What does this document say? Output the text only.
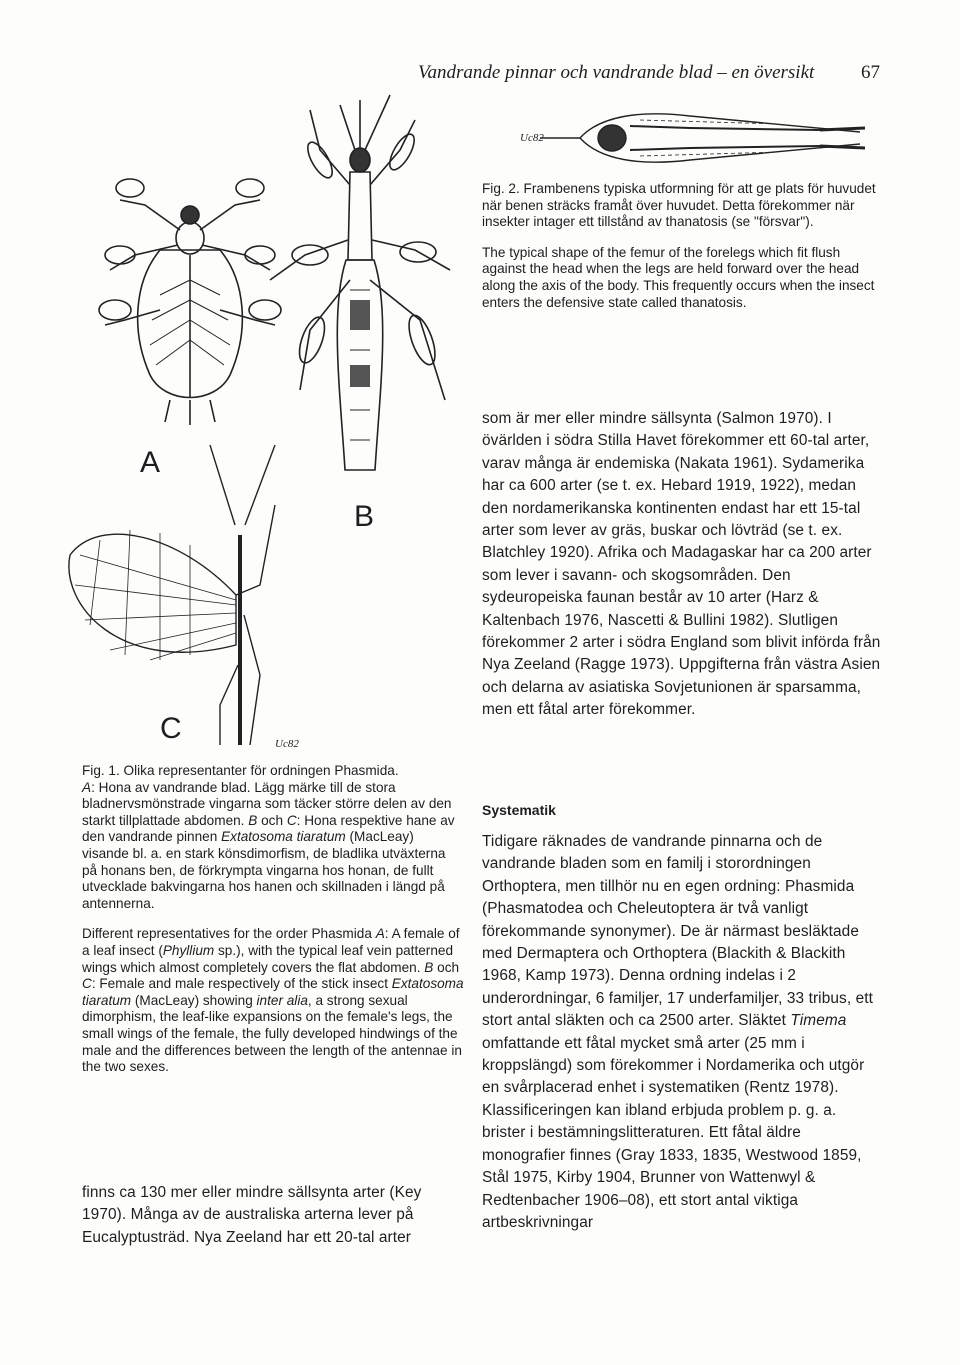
Vandrande pinnar och vandrande blad – en översikt 67
A
B
C	Uc82
Uc82

Fig. 2. Frambenens typiska utformning för att ge plats för huvudet när benen sträcks framåt över huvudet. Detta förekommer när insekter intager ett tillstånd av thanatosis (se "försvar").

The typical shape of the femur of the forelegs which fit flush against the head when the legs are held forward over the head along the axis of the body. This frequently occurs when the insect enters the defensive state called thanatosis.

Fig. 1. Olika representanter för ordningen Phasmida.
A: Hona av vandrande blad. Lägg märke till de stora bladnervsmönstrade vingarna som täcker större delen av den starkt tillplattade abdomen. B och C: Hona respektive hane av den vandrande pinnen Extatosoma tiaratum (MacLeay) visande bl. a. en stark könsdimorfism, de bladlika utväxterna på honans ben, de förkrympta vingarna hos honan, de fullt utvecklade bakvingarna hos hanen och skillnaden i längd på antennerna.

Different representatives for the order Phasmida A: A female of a leaf insect (Phyllium sp.), with the typical leaf vein patterned wings which almost completely covers the flat abdomen. B och C: Female and male respectively of the stick insect Extatosoma tiaratum (MacLeay) showing inter alia, a strong sexual dimorphism, the leaf-like expansions on the female's legs, the small wings of the female, the fully developed hindwings of the male and the differences between the length of the antennae in the two sexes.

finns ca 130 mer eller mindre sällsynta arter (Key 1970). Många av de australiska arterna lever på Eucalyptusträd. Nya Zeeland har ett 20-tal arter

som är mer eller mindre sällsynta (Salmon 1970). I övärlden i södra Stilla Havet förekommer ett 60-tal arter, varav många är endemiska (Nakata 1961). Sydamerika har ca 600 arter (se t. ex. Hebard 1919, 1922), medan den nordamerikanska kontinenten endast har ett 15-tal arter som lever av gräs, buskar och lövträd (se t. ex. Blatchley 1920). Afrika och Madagaskar har ca 200 arter som lever i savann- och skogsområden. Den sydeuropeiska faunan består av 10 arter (Harz & Kaltenbach 1976, Nascetti & Bullini 1982). Slutligen förekommer 2 arter i södra England som blivit införda från Nya Zeeland (Ragge 1973). Uppgifterna från västra Asien och delarna av asiatiska Sovjetunionen är sparsamma, men ett fåtal arter förekommer.

Systematik

Tidigare räknades de vandrande pinnarna och de vandrande bladen som en familj i storordningen Orthoptera, men tillhör nu en egen ordning: Phasmida (Phasmatodea och Cheleutoptera är två vanligt förekommande synonymer). De är närmast besläktade med Dermaptera och Orthoptera (Blackith & Blackith 1968, Kamp 1973). Denna ordning indelas i 2 underordningar, 6 familjer, 17 underfamiljer, 33 tribus, ett stort antal släkten och ca 2500 arter. Släktet Timema omfattande ett fåtal mycket små arter (25 mm i kroppslängd) som förekommer i Nordamerika och utgör en svårplacerad enhet i systematiken (Rentz 1978). Klassificeringen kan ibland erbjuda problem p. g. a. brister i bestämningslitteraturen. Ett fåtal äldre monografier finnes (Gray 1833, 1835, Westwood 1859, Stål 1975, Kirby 1904, Brunner von Wattenwyl & Redtenbacher 1906–08), ett stort antal viktiga artbeskrivningar
